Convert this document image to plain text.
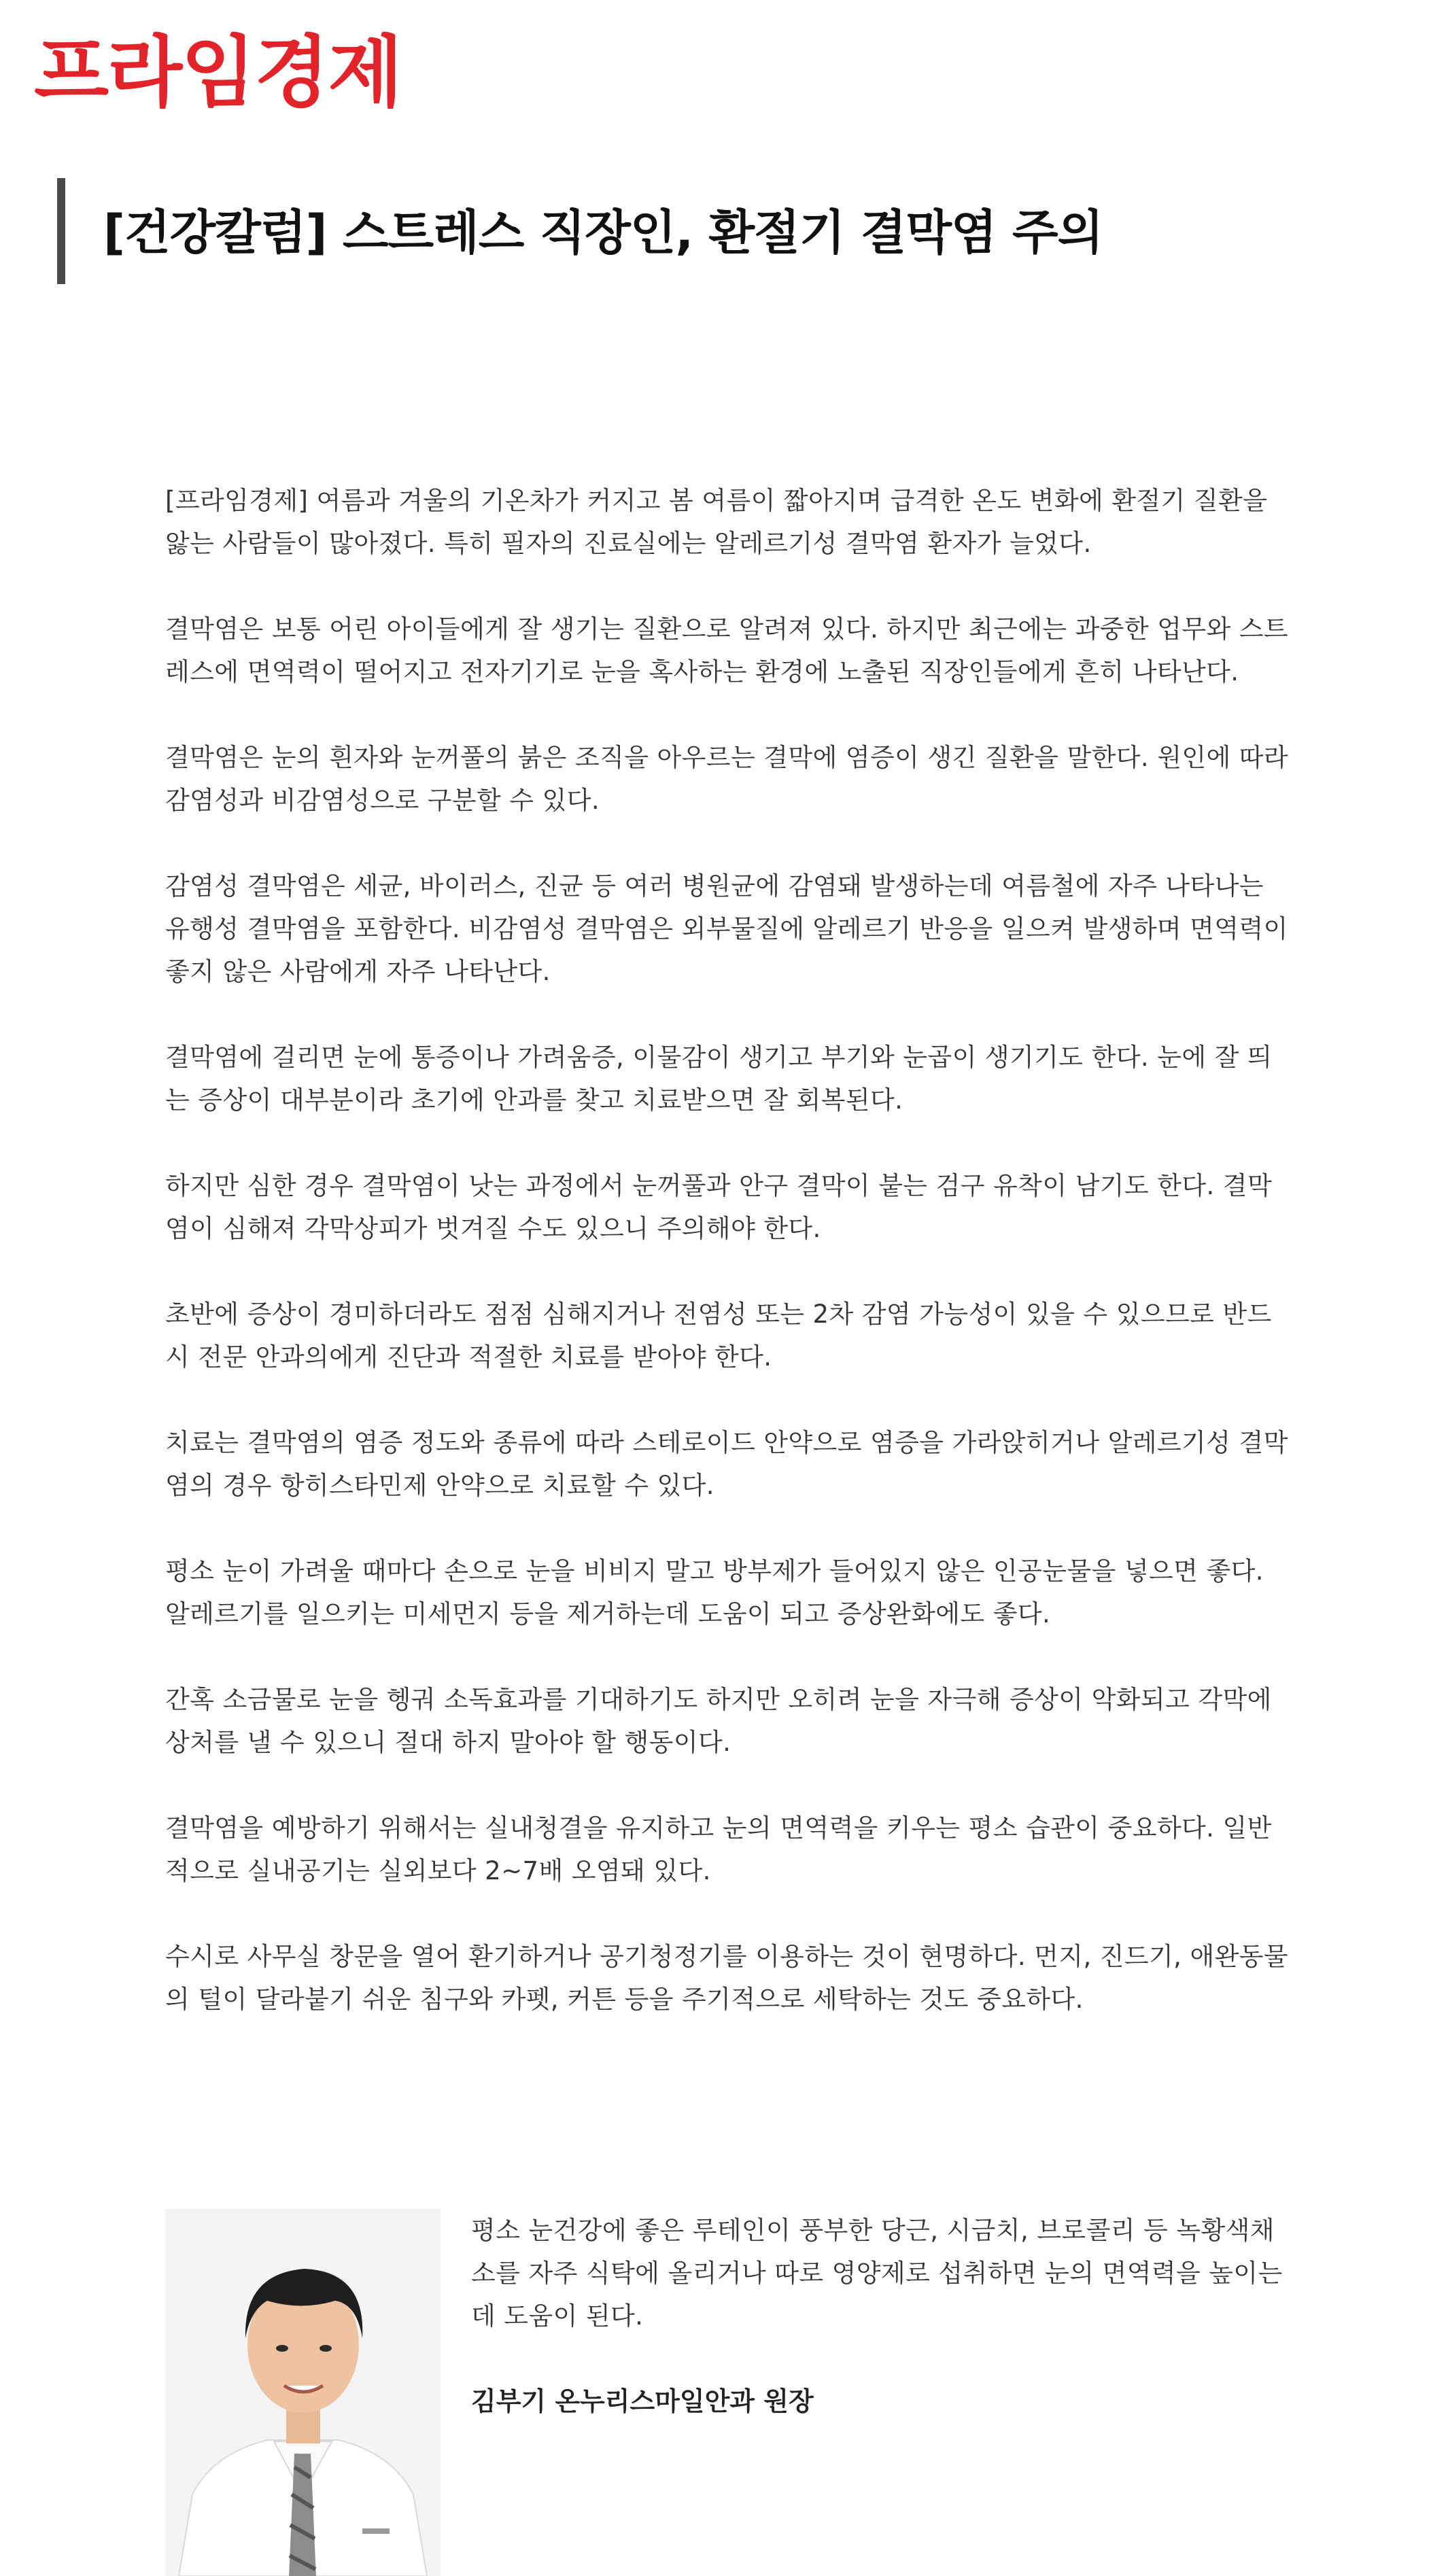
프라임경제
[건강칼럼] 스트레스 직장인, 환절기 결막염 주의

[프라임경제] 여름과 겨울의 기온차가 커지고 봄 여름이 짧아지며 급격한 온도 변화에 환절기 질환을 앓는 사람들이 많아졌다. 특히 필자의 진료실에는 알레르기성 결막염 환자가 늘었다.

결막염은 보통 어린 아이들에게 잘 생기는 질환으로 알려져 있다. 하지만 최근에는 과중한 업무와 스트레스에 면역력이 떨어지고 전자기기로 눈을 혹사하는 환경에 노출된 직장인들에게 흔히 나타난다.

결막염은 눈의 흰자와 눈꺼풀의 붉은 조직을 아우르는 결막에 염증이 생긴 질환을 말한다. 원인에 따라 감염성과 비감염성으로 구분할 수 있다.

감염성 결막염은 세균, 바이러스, 진균 등 여러 병원균에 감염돼 발생하는데 여름철에 자주 나타나는 유행성 결막염을 포함한다. 비감염성 결막염은 외부물질에 알레르기 반응을 일으켜 발생하며 면역력이 좋지 않은 사람에게 자주 나타난다.

결막염에 걸리면 눈에 통증이나 가려움증, 이물감이 생기고 부기와 눈곱이 생기기도 한다. 눈에 잘 띄는 증상이 대부분이라 초기에 안과를 찾고 치료받으면 잘 회복된다.

하지만 심한 경우 결막염이 낫는 과정에서 눈꺼풀과 안구 결막이 붙는 검구 유착이 남기도 한다. 결막염이 심해져 각막상피가 벗겨질 수도 있으니 주의해야 한다.

초반에 증상이 경미하더라도 점점 심해지거나 전염성 또는 2차 감염 가능성이 있을 수 있으므로 반드시 전문 안과의에게 진단과 적절한 치료를 받아야 한다.

치료는 결막염의 염증 정도와 종류에 따라 스테로이드 안약으로 염증을 가라앉히거나 알레르기성 결막염의 경우 항히스타민제 안약으로 치료할 수 있다.

평소 눈이 가려울 때마다 손으로 눈을 비비지 말고 방부제가 들어있지 않은 인공눈물을 넣으면 좋다. 알레르기를 일으키는 미세먼지 등을 제거하는데 도움이 되고 증상완화에도 좋다.

간혹 소금물로 눈을 헹궈 소독효과를 기대하기도 하지만 오히려 눈을 자극해 증상이 악화되고 각막에 상처를 낼 수 있으니 절대 하지 말아야 할 행동이다.

결막염을 예방하기 위해서는 실내청결을 유지하고 눈의 면역력을 키우는 평소 습관이 중요하다. 일반적으로 실내공기는 실외보다 2~7배 오염돼 있다.

수시로 사무실 창문을 열어 환기하거나 공기청정기를 이용하는 것이 현명하다. 먼지, 진드기, 애완동물의 털이 달라붙기 쉬운 침구와 카펫, 커튼 등을 주기적으로 세탁하는 것도 중요하다.

평소 눈건강에 좋은 루테인이 풍부한 당근, 시금치, 브로콜리 등 녹황색채소를 자주 식탁에 올리거나 따로 영양제로 섭취하면 눈의 면역력을 높이는데 도움이 된다.

김부기 온누리스마일안과 원장
